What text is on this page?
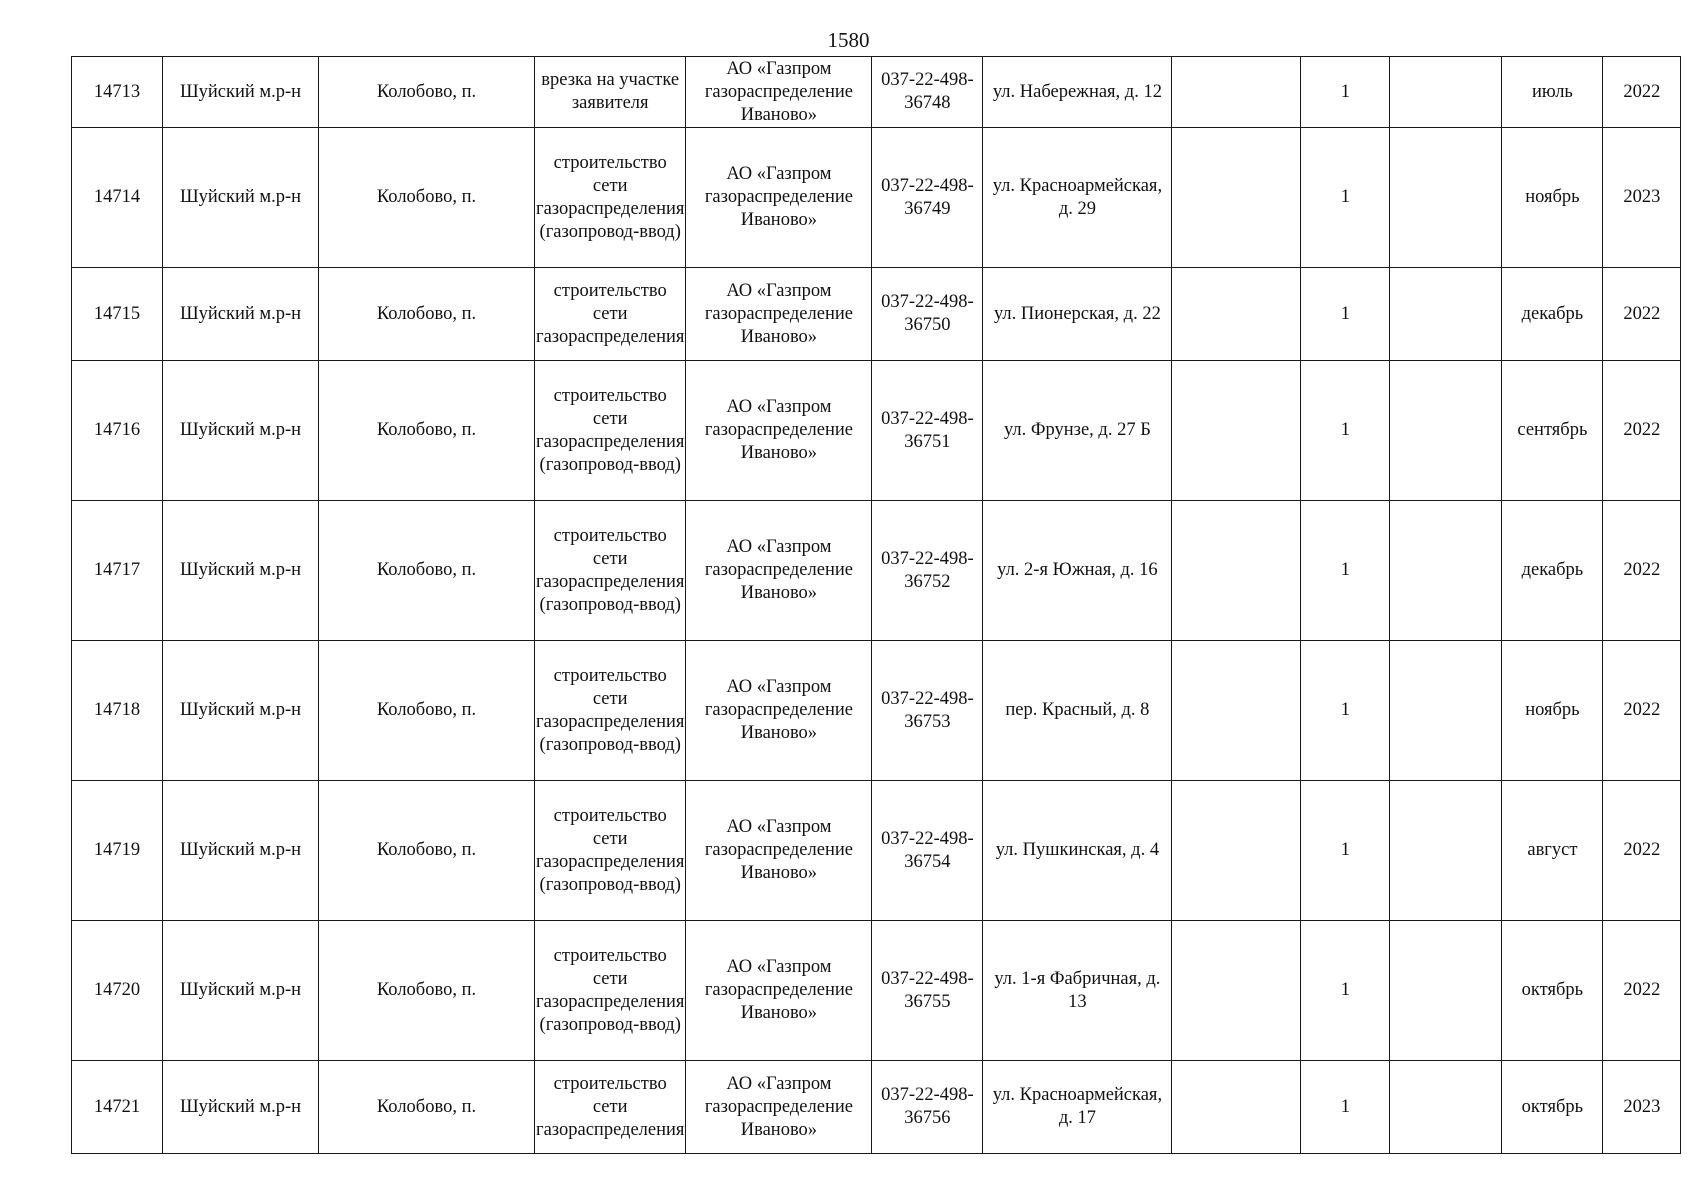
1580
14713	Шуйский м.р-н	Колобово, п.	врезка на участке заявителя	АО «Газпром газораспределение Иваново»	037-22-498-36748	ул. Набережная, д. 12		1		июль	2022
14714	Шуйский м.р-н	Колобово, п.	строительство сети газораспределения (газопровод-ввод)	АО «Газпром газораспределение Иваново»	037-22-498-36749	ул. Красноармейская, д. 29		1		ноябрь	2023
14715	Шуйский м.р-н	Колобово, п.	строительство сети газораспределения	АО «Газпром газораспределение Иваново»	037-22-498-36750	ул. Пионерская, д. 22		1		декабрь	2022
14716	Шуйский м.р-н	Колобово, п.	строительство сети газораспределения (газопровод-ввод)	АО «Газпром газораспределение Иваново»	037-22-498-36751	ул. Фрунзе, д. 27 Б		1		сентябрь	2022
14717	Шуйский м.р-н	Колобово, п.	строительство сети газораспределения (газопровод-ввод)	АО «Газпром газораспределение Иваново»	037-22-498-36752	ул. 2-я Южная, д. 16		1		декабрь	2022
14718	Шуйский м.р-н	Колобово, п.	строительство сети газораспределения (газопровод-ввод)	АО «Газпром газораспределение Иваново»	037-22-498-36753	пер. Красный, д. 8		1		ноябрь	2022
14719	Шуйский м.р-н	Колобово, п.	строительство сети газораспределения (газопровод-ввод)	АО «Газпром газораспределение Иваново»	037-22-498-36754	ул. Пушкинская, д. 4		1		август	2022
14720	Шуйский м.р-н	Колобово, п.	строительство сети газораспределения (газопровод-ввод)	АО «Газпром газораспределение Иваново»	037-22-498-36755	ул. 1-я Фабричная, д. 13		1		октябрь	2022
14721	Шуйский м.р-н	Колобово, п.	строительство сети газораспределения	АО «Газпром газораспределение Иваново»	037-22-498-36756	ул. Красноармейская, д. 17		1		октябрь	2023
